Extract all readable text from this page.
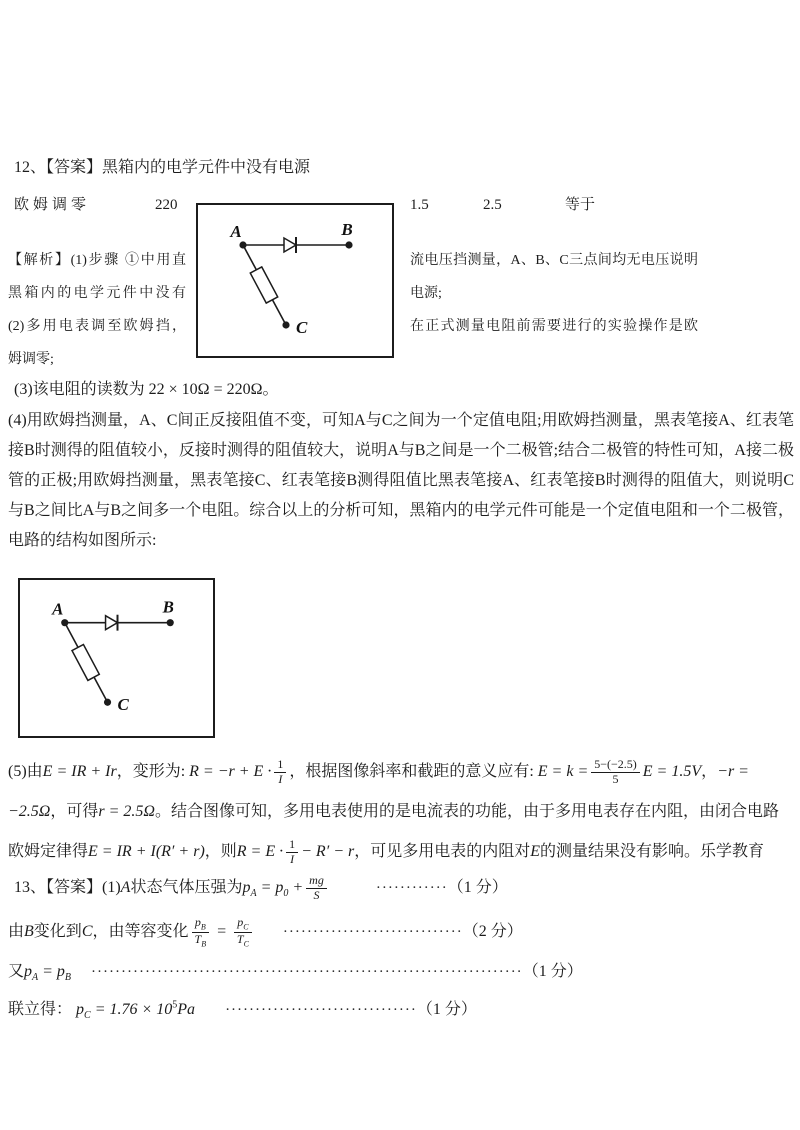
12、【答案】黑箱内的电学元件中没有电源
欧姆调零	220	1.5	2.5	等于
A	B
C
【解析】(1)步骤 ①中用直
黑箱内的电学元件中没有
(2)多用电表调至欧姆挡，
姆调零;
流电压挡测量，A、B、C三点间均无电压说明
电源;
在正式测量电阻前需要进行的实验操作是欧
(3)该电阻的读数为 22 × 10Ω = 220Ω。
(4)用欧姆挡测量，A、C间正反接阻值不变，可知A与C之间为一个定值电阻;用欧姆挡测量，黑表笔接A、红表笔接B时测得的阻值较小，反接时测得的阻值较大，说明A与B之间是一个二极管;结合二极管的特性可知，A接二极管的正极;用欧姆挡测量，黑表笔接C、红表笔接B测得阻值比黑表笔接A、红表笔接B时测得的阻值大，则说明C与B之间比A与B之间多一个电阻。综合以上的分析可知，黑箱内的电学元件可能是一个定值电阻和一个二极管，电路的结构如图所示:
A	B
C
(5)由E = IR + Ir，变形为: $R = -r + E \cdot \frac{1}{I}$ ，根据图像斜率和截距的意义应有: $E = k = \frac{5-(-2.5)}{5}$ E = 1.5V，−r = −2.5Ω，可得r = 2.5Ω。结合图像可知，多用电表使用的是电流表的功能，由于多用电表存在内阻，由闭合电路欧姆定律得E = IR + I(R′ + r)，则$R = E \cdot \frac{1}{I} - R' - r$，可见多用电表的内阻对E的测量结果没有影响。乐学教育
13、【答案】(1)A状态气体压强为$p_A = p_0 + \frac{mg}{S}$	············ （1 分）
由B变化到C，由等容变化 $\frac{p_B}{T_B} = \frac{p_C}{T_C}$ ······························ （2 分）
又$p_A = p_B$ ········································································ （1 分）
联立得： $p_C = 1.76 \times 10^5Pa$ ································ （1 分）
